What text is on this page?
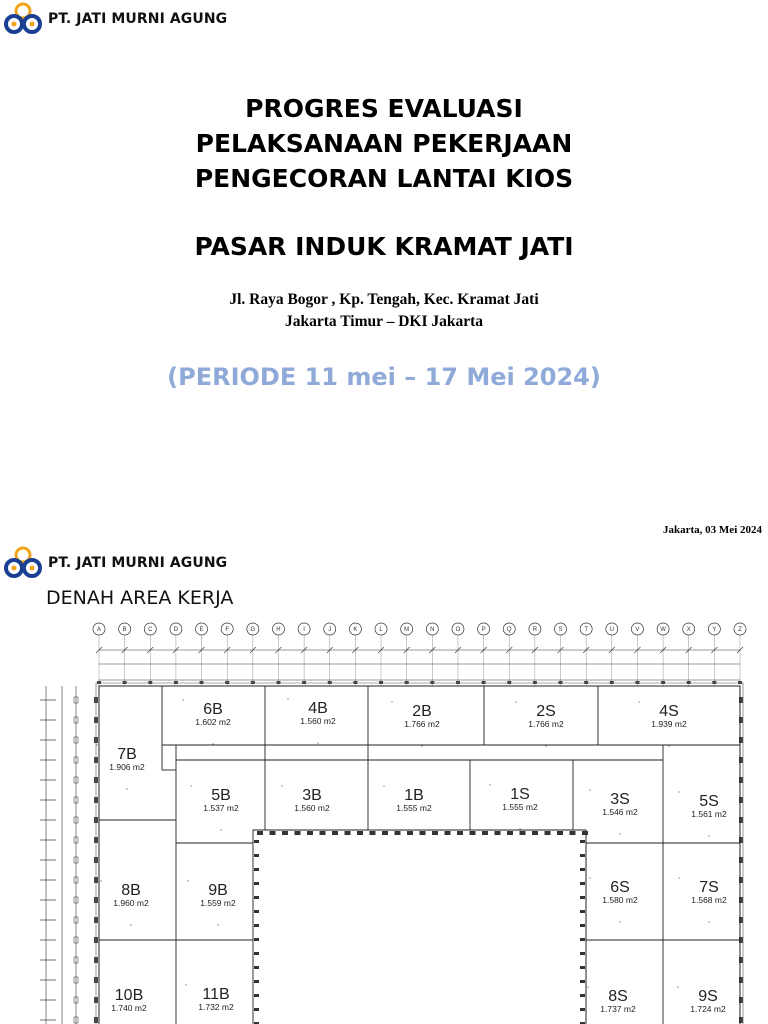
PT. JATI MURNI AGUNG
PROGRES EVALUASI
PELAKSANAAN PEKERJAAN
PENGECORAN LANTAI KIOS
PASAR INDUK KRAMAT JATI
Jl. Raya Bogor , Kp. Tengah, Kec. Kramat Jati
Jakarta Timur – DKI Jakarta
(PERIODE 11 mei – 17 Mei 2024)
Jakarta, 03 Mei 2024
PT. JATI MURNI AGUNG
DENAH AREA KERJA
A	B	C	D	E	F	G	H	I	J	K	L	M	N	O	P	Q	R	S	T	U	V	W	X	Y	Z
6B
1.602 m2
4B
1.560 m2
2B
1.766 m2
2S
1.766 m2
4S
1.939 m2
7B
1.906 m2
5B
1.537 m2
3B
1.560 m2
1B
1.555 m2
1S
1.555 m2	3S
1.546 m2
5S
1.561 m2
8B
1.960 m2
9B
1.559 m2
6S
1.580 m2
7S
1.568 m2
10B
1.740 m2
11B
1.732 m2
8S
1.737 m2
9S
1.724 m2
